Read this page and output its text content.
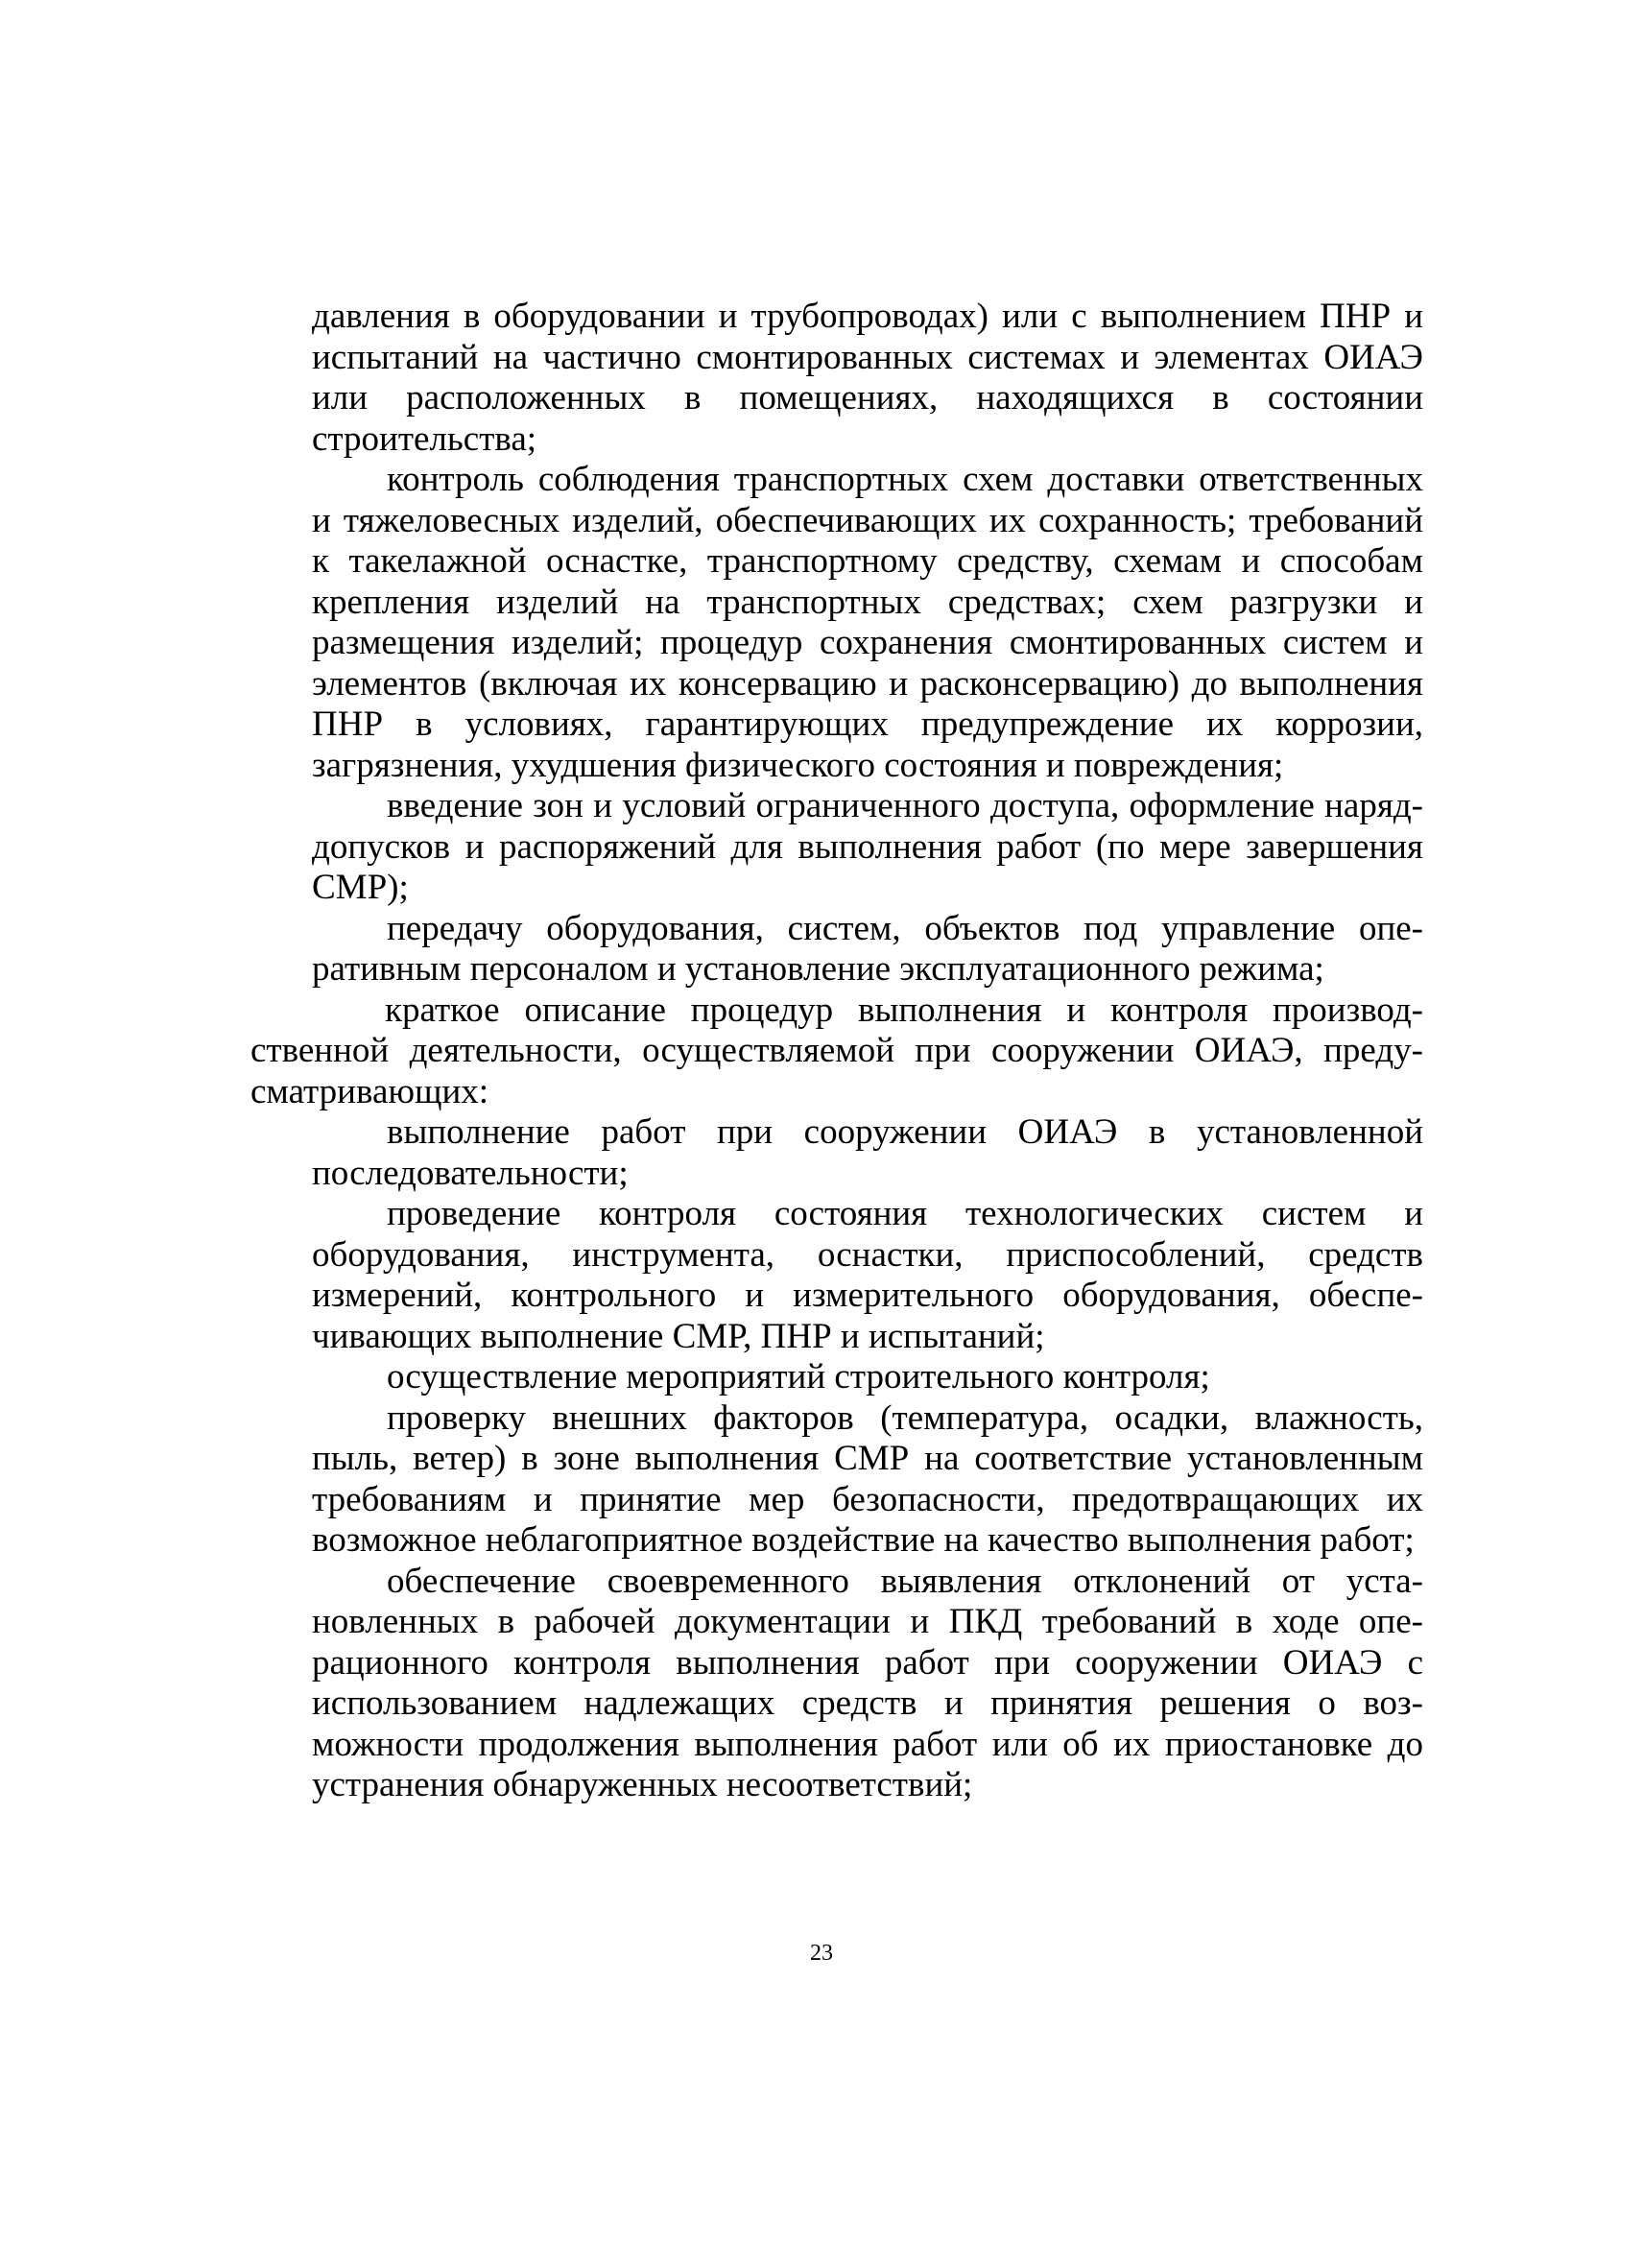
давления в оборудовании и трубопроводах) или с выполнением ПНР и испытаний на частично смонтированных системах и элементах ОИАЭ или расположенных в помещениях, находящихся в состоянии строительства;

контроль соблюдения транспортных схем доставки ответственных и тяжеловесных изделий, обеспечивающих их сохранность; требований к такелажной оснастке, транспортному средству, схемам и способам крепления изделий на транспортных средствах; схем разгрузки и размещения изделий; процедур сохранения смонтированных систем и элементов (включая их консервацию и расконсервацию) до выполнения ПНР в условиях, гарантирующих предупреждение их коррозии, загрязнения, ухудшения физического состояния и повреждения;

введение зон и условий ограниченного доступа, оформление наряд-допусков и распоряжений для выполнения работ (по мере завершения СМР);

передачу оборудования, систем, объектов под управление оперативным персоналом и установление эксплуатационного режима;

краткое описание процедур выполнения и контроля производственной деятельности, осуществляемой при сооружении ОИАЭ, предусматривающих:

выполнение работ при сооружении ОИАЭ в установленной последовательности;

проведение контроля состояния технологических систем и оборудования, инструмента, оснастки, приспособлений, средств измерений, контрольного и измерительного оборудования, обеспечивающих выполнение СМР, ПНР и испытаний;

осуществление мероприятий строительного контроля;

проверку внешних факторов (температура, осадки, влажность, пыль, ветер) в зоне выполнения СМР на соответствие установленным требованиям и принятие мер безопасности, предотвращающих их возможное неблагоприятное воздействие на качество выполнения работ;

обеспечение своевременного выявления отклонений от установленных в рабочей документации и ПКД требований в ходе операционного контроля выполнения работ при сооружении ОИАЭ с использованием надлежащих средств и принятия решения о возможности продолжения выполнения работ или об их приостановке до устранения обнаруженных несоответствий;

23
